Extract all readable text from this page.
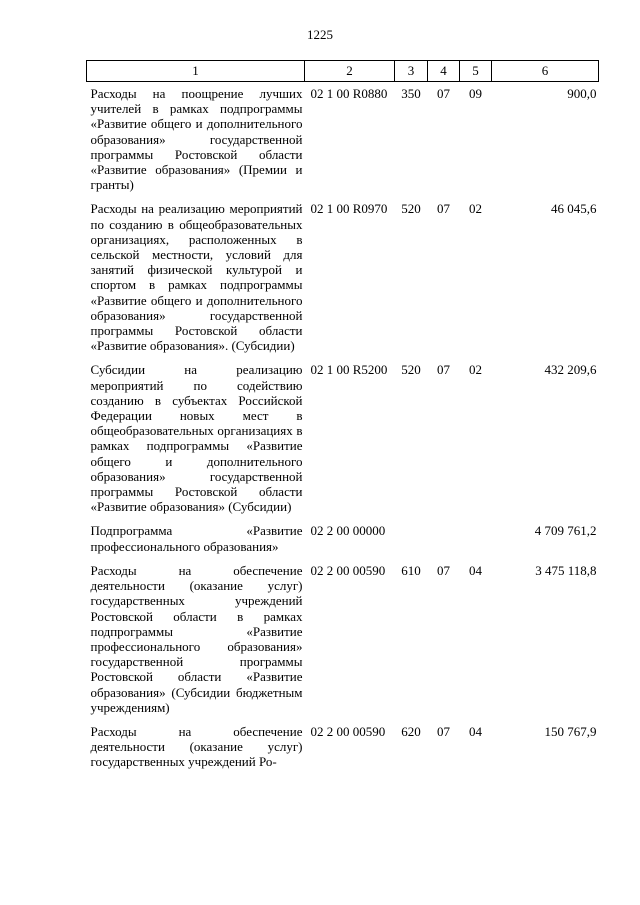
1225
1	2	3	4	5	6
Расходы на поощрение лучших учителей в рамках подпрограммы «Развитие общего и дополнительного образования» государственной программы Ростовской области «Развитие образования» (Премии и гранты)	02 1 00 R0880	350	07	09	900,0
Расходы на реализацию мероприятий по созданию в общеобразовательных организациях, расположенных в сельской местности, условий для занятий физической культурой и спортом в рамках подпрограммы «Развитие общего и дополнительного образования» государственной программы Ростовской области «Развитие образования». (Субсидии)	02 1 00 R0970	520	07	02	46 045,6
Субсидии на реализацию мероприятий по содействию созданию в субъектах Российской Федерации новых мест в общеобразовательных организациях в рамках подпрограммы «Развитие общего и дополнительного образования» государственной программы Ростовской области «Развитие образования» (Субсидии)	02 1 00 R5200	520	07	02	432 209,6
Подпрограмма «Развитие профессионального образования»	02 2 00 00000				4 709 761,2
Расходы на обеспечение деятельности (оказание услуг) государственных учреждений Ростовской области в рамках подпрограммы «Развитие профессионального образования» государственной программы Ростовской области «Развитие образования» (Субсидии бюджетным учреждениям)	02 2 00 00590	610	07	04	3 475 118,8
Расходы на обеспечение деятельности (оказание услуг) государственных учреждений Ро-	02 2 00 00590	620	07	04	150 767,9
